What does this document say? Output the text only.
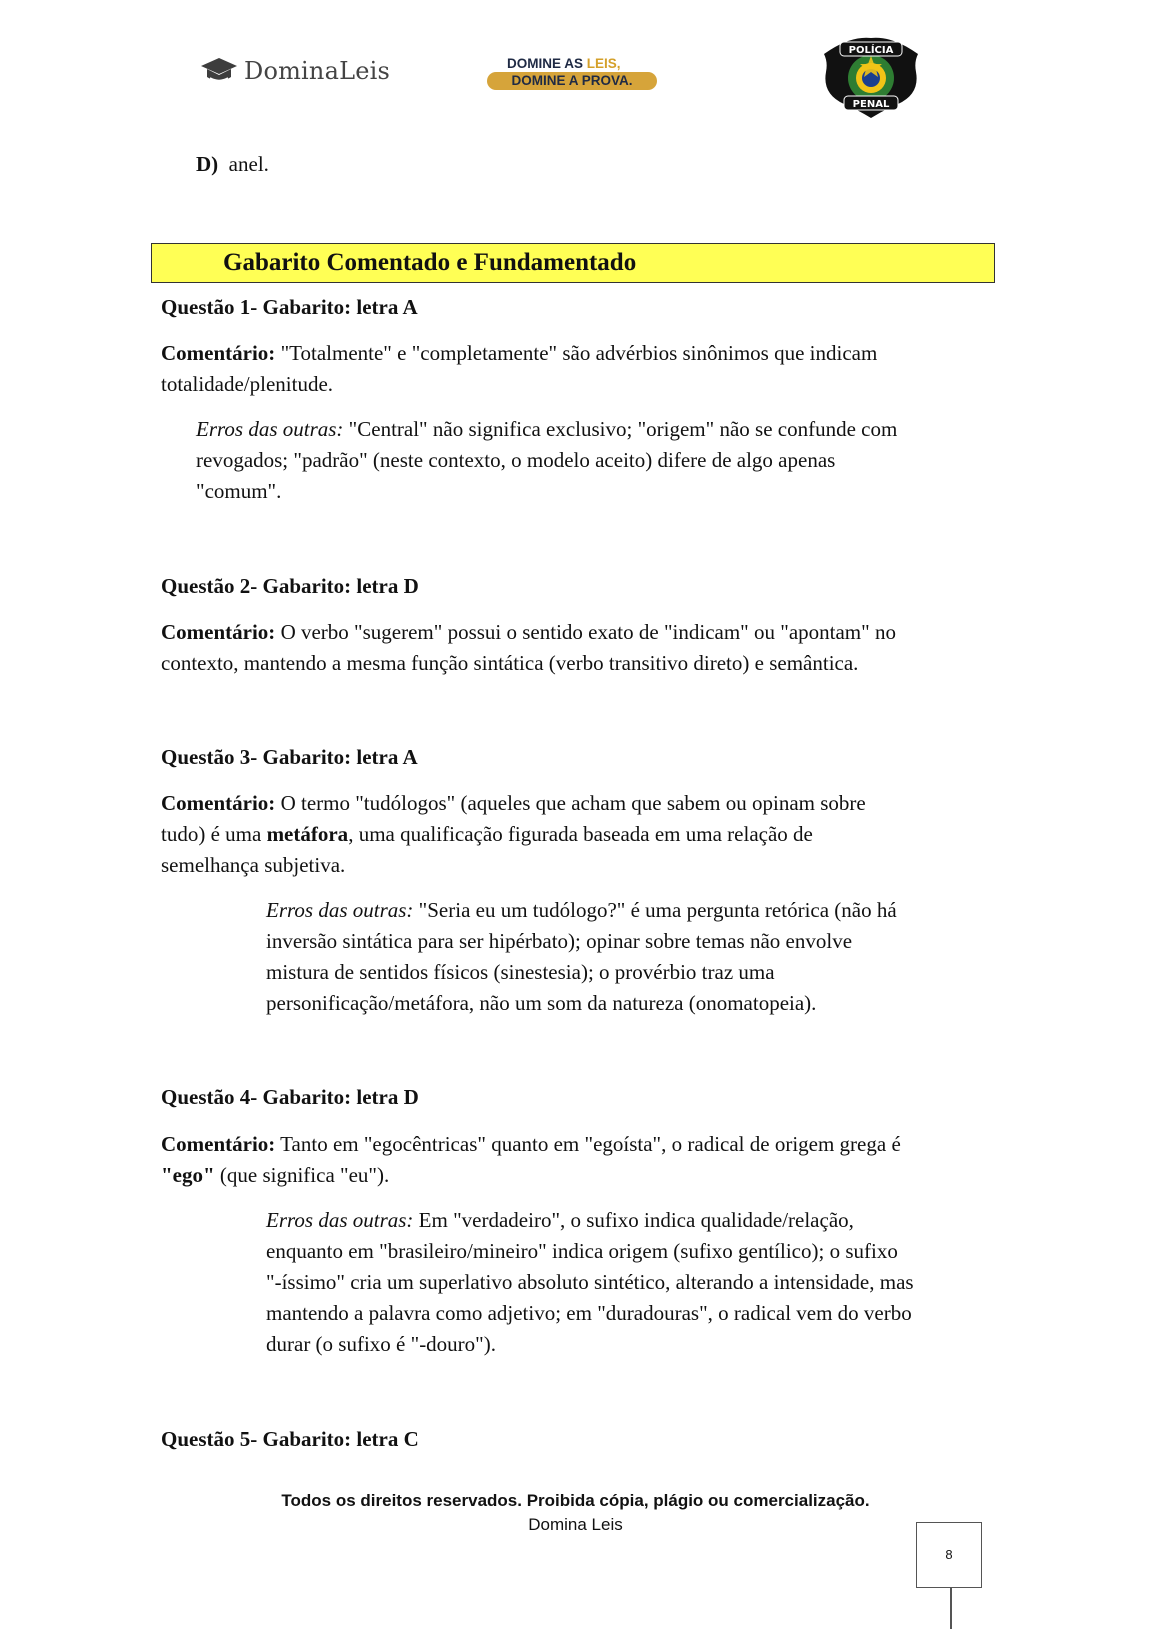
DominaLeis	DOMINE AS LEIS,
DOMINE A PROVA.
POLÍCIA
PENAL
D) anel.
Gabarito Comentado e Fundamentado
Questão 1- Gabarito: letra A
Comentário: "Totalmente" e "completamente" são advérbios sinônimos que indicam
totalidade/plenitude.
Erros das outras: "Central" não significa exclusivo; "origem" não se confunde com
revogados; "padrão" (neste contexto, o modelo aceito) difere de algo apenas
"comum".
Questão 2- Gabarito: letra D
Comentário: O verbo "sugerem" possui o sentido exato de "indicam" ou "apontam" no
contexto, mantendo a mesma função sintática (verbo transitivo direto) e semântica.
Questão 3- Gabarito: letra A
Comentário: O termo "tudólogos" (aqueles que acham que sabem ou opinam sobre
tudo) é uma metáfora, uma qualificação figurada baseada em uma relação de
semelhança subjetiva.
Erros das outras: "Seria eu um tudólogo?" é uma pergunta retórica (não há
inversão sintática para ser hipérbato); opinar sobre temas não envolve
mistura de sentidos físicos (sinestesia); o provérbio traz uma
personificação/metáfora, não um som da natureza (onomatopeia).
Questão 4- Gabarito: letra D
Comentário: Tanto em "egocêntricas" quanto em "egoísta", o radical de origem grega é
"ego" (que significa "eu").
Erros das outras: Em "verdadeiro", o sufixo indica qualidade/relação,
enquanto em "brasileiro/mineiro" indica origem (sufixo gentílico); o sufixo
"-íssimo" cria um superlativo absoluto sintético, alterando a intensidade, mas
mantendo a palavra como adjetivo; em "duradouras", o radical vem do verbo
durar (o sufixo é "-douro").
Questão 5- Gabarito: letra C
Todos os direitos reservados. Proibida cópia, plágio ou comercialização.
Domina Leis
8
